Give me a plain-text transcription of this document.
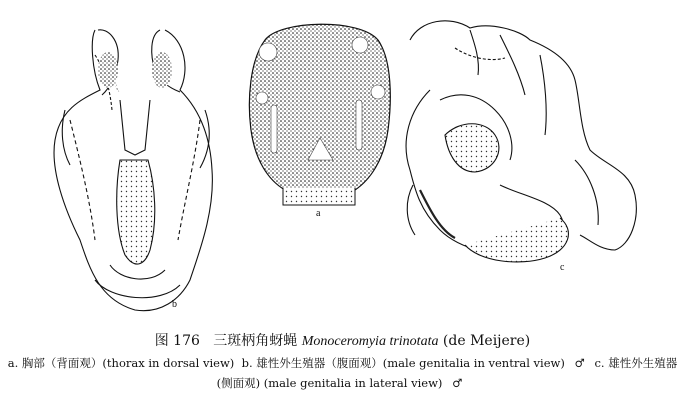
a
b
c
图 176 三斑柄角蚜蝇 Monoceromyia trinotata (de Meijere)
a. 胸部（背面观）(thorax in dorsal view) b. 雄性外生殖器（腹面观）(male genitalia in ventral view) ♂ c. 雄性外生殖器
(侧面观) (male genitalia in lateral view) ♂
